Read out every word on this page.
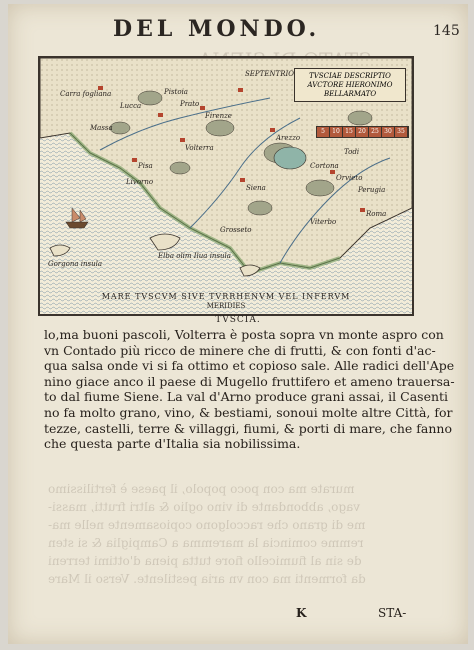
murate ma con poco popolo, il paese è fertilissimo
vago, abbondante di vino oglio & altri frutti, massi-
me di grano che raccolgono copiosamente nelle ma-
remme comincia la maremma a Campiglia & si sten
de sin al fiumicello fiore tutta piena d'ottimi terreni
da formenti ma con vn aria pestilente. Verso il Mare
DEL MONDO.	145
SEPTENTRIO	TVSCIAE DESCRIPTIO AVCTORE HIERONIMO BELLARMATO
5	10 15 20 25 30 35
Carra fogliana
Pisa
Livorno
Volterra
Siena
Firenze
Arezzo
Orvieto
Todi
Roma
Viterbo
Grosseto
Massa
Lucca
Pistoia
Prato
Cortona
Perugia
Elba olim Ilua insula
Gorgona insula
MARE TVSCVM SIVE TVRRHENVM VEL INFERVM
MERIDIES
TVSCIA.
lo,ma buoni pascoli, Volterra è posta sopra vn monte aspro con
vn Contado più ricco de minere che di frutti, & con fonti d'ac-
qua salsa onde vi si fa ottimo et copioso sale. Alle radici dell'Ape
nino giace anco il paese di Mugello fruttifero et ameno trauersa-
to dal fiume Siene. La val d'Arno produce grani assai, il Casenti
no fa molto grano, vino, & bestiami, sonoui molte altre Città, for
tezze, castelli, terre & villaggi, fiumi, & porti di mare, che fanno
che questa parte d'Italia sia nobilissima.
K	STA-
